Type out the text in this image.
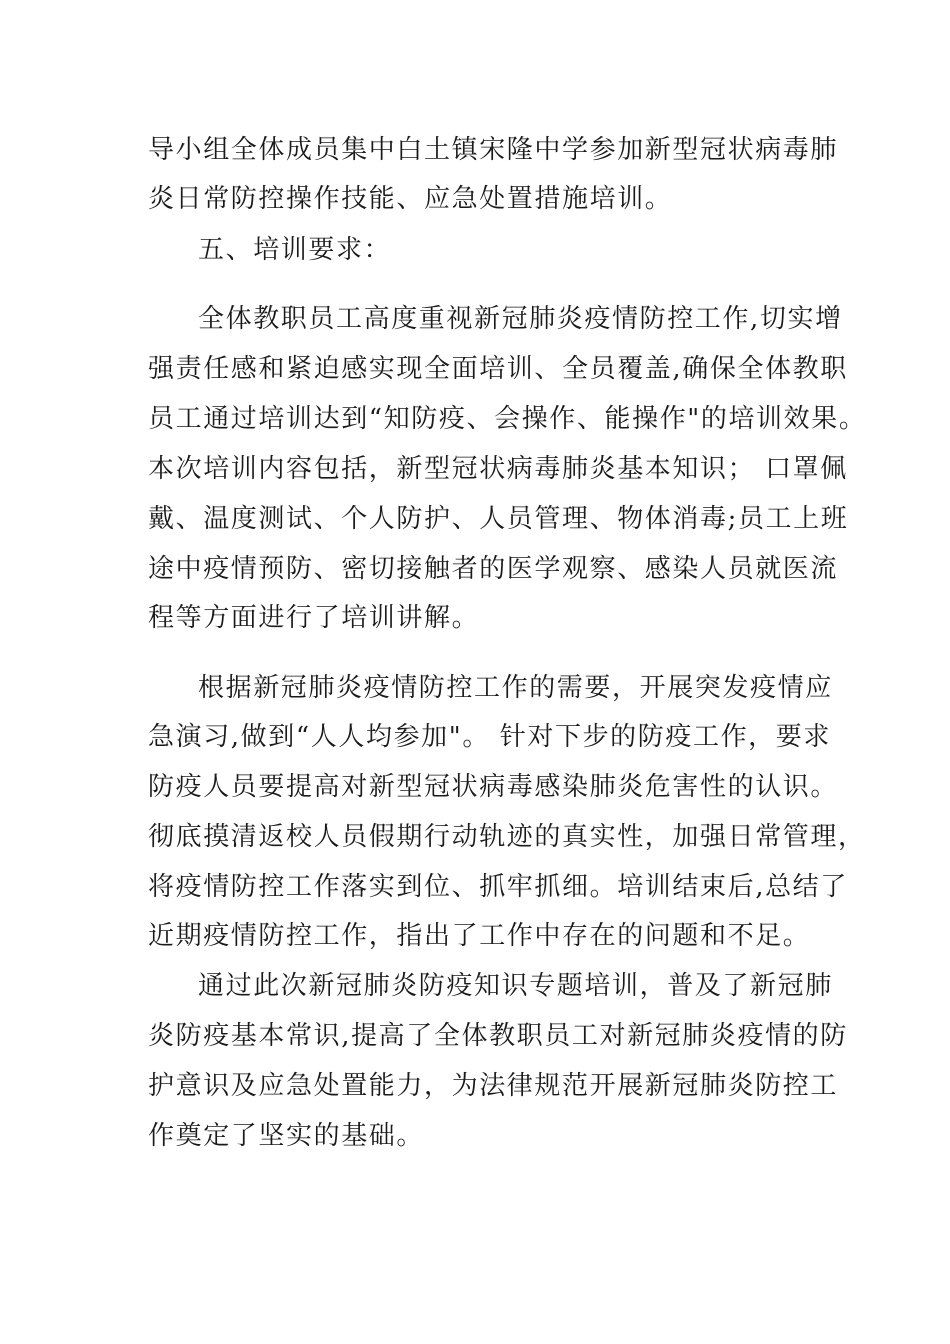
导小组全体成员集中白土镇宋隆中学参加新型冠状病毒肺
炎日常防控操作技能、应急处置措施培训。
五、培训要求：
全体教职员工高度重视新冠肺炎疫情防控工作,切实增
强责任感和紧迫感实现全面培训、全员覆盖,确保全体教职
员工通过培训达到“知防疫、会操作、能操作"的培训效果。
本次培训内容包括，新型冠状病毒肺炎基本知识； 口罩佩
戴、温度测试、个人防护、人员管理、物体消毒;员工上班
途中疫情预防、密切接触者的医学观察、感染人员就医流
程等方面进行了培训讲解。
根据新冠肺炎疫情防控工作的需要，开展突发疫情应
急演习,做到“人人均参加"。 针对下步的防疫工作，要求
防疫人员要提高对新型冠状病毒感染肺炎危害性的认识。
彻底摸清返校人员假期行动轨迹的真实性，加强日常管理，
将疫情防控工作落实到位、抓牢抓细。培训结束后,总结了
近期疫情防控工作，指出了工作中存在的问题和不足。
通过此次新冠肺炎防疫知识专题培训，普及了新冠肺
炎防疫基本常识,提高了全体教职员工对新冠肺炎疫情的防
护意识及应急处置能力，为法律规范开展新冠肺炎防控工
作奠定了坚实的基础。
